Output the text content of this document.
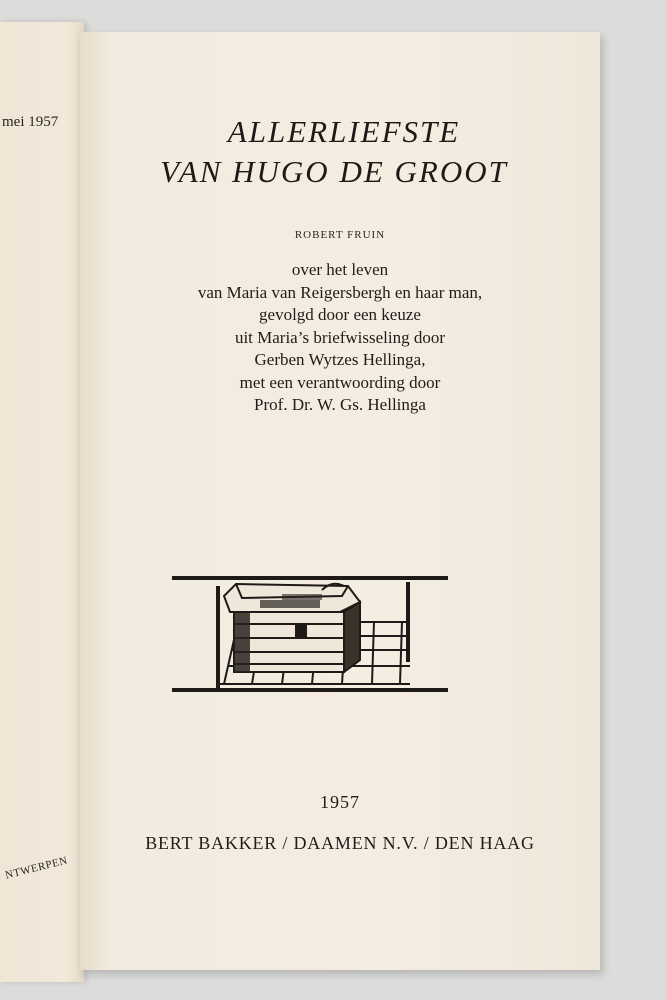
mei 1957
NTWERPEN
ALLERLIEFSTE
VAN HUGO DE GROOT
ROBERT FRUIN
over het leven
van Maria van Reigersbergh en haar man,
gevolgd door een keuze
uit Maria’s briefwisseling door
Gerben Wytzes Hellinga,
met een verantwoording door
Prof. Dr. W. Gs. Hellinga
1957
BERT BAKKER / DAAMEN N.V. / DEN HAAG
